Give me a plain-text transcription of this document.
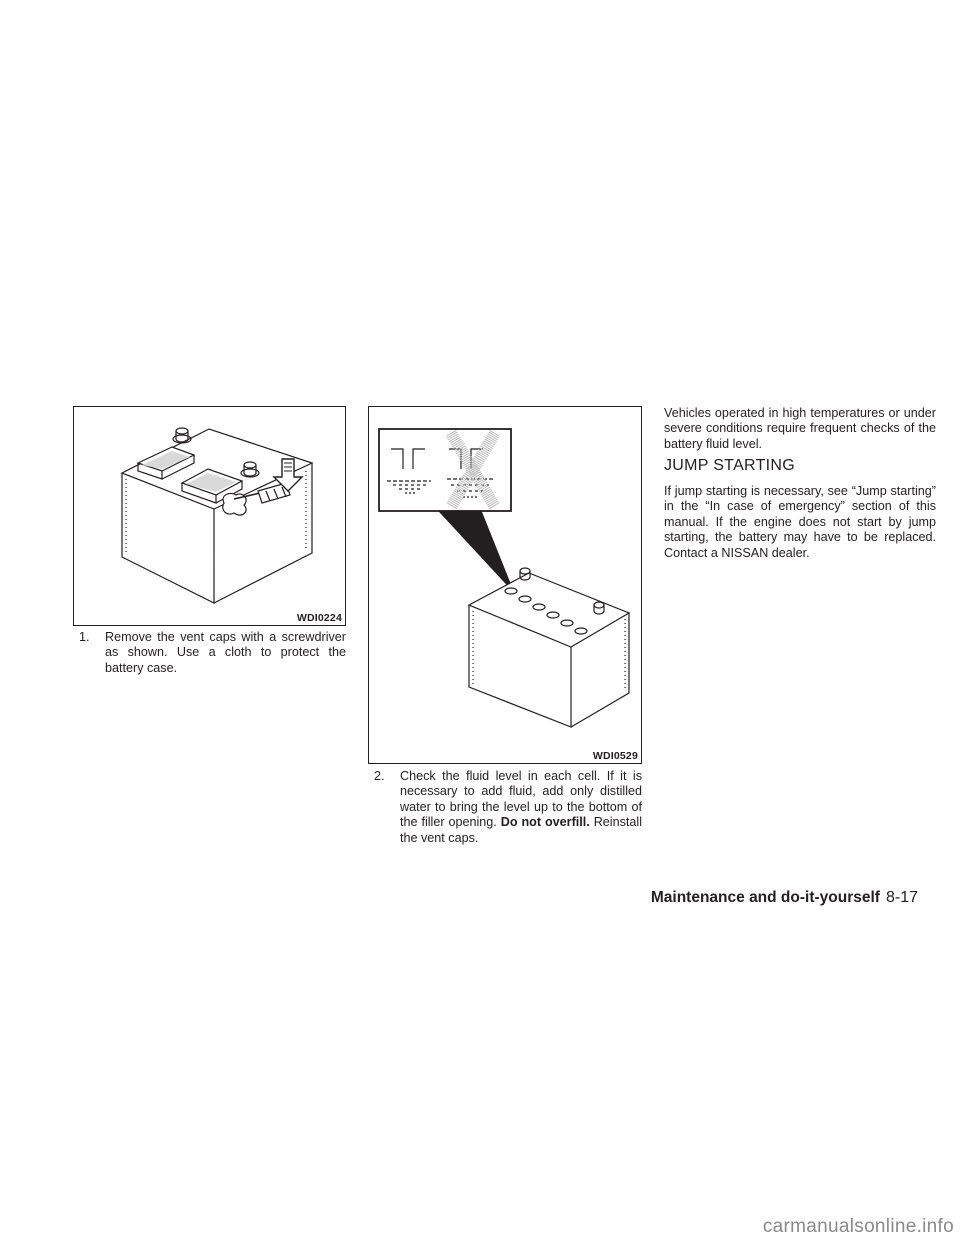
WDI0224
WDI0529
1.	Remove the vent caps with a screwdriver as shown. Use a cloth to protect the battery case.
2.	Check the fluid level in each cell. If it is necessary to add fluid, add only distilled water to bring the level up to the bottom of the filler opening. Do not overfill. Reinstall the vent caps.
Vehicles operated in high temperatures or under severe conditions require frequent checks of the battery fluid level.
JUMP STARTING
If jump starting is necessary, see “Jump starting” in the “In case of emergency” section of this manual. If the engine does not start by jump starting, the battery may have to be replaced. Contact a NISSAN dealer.
Maintenance and do-it-yourself 8-17
carmanualsonline.info
